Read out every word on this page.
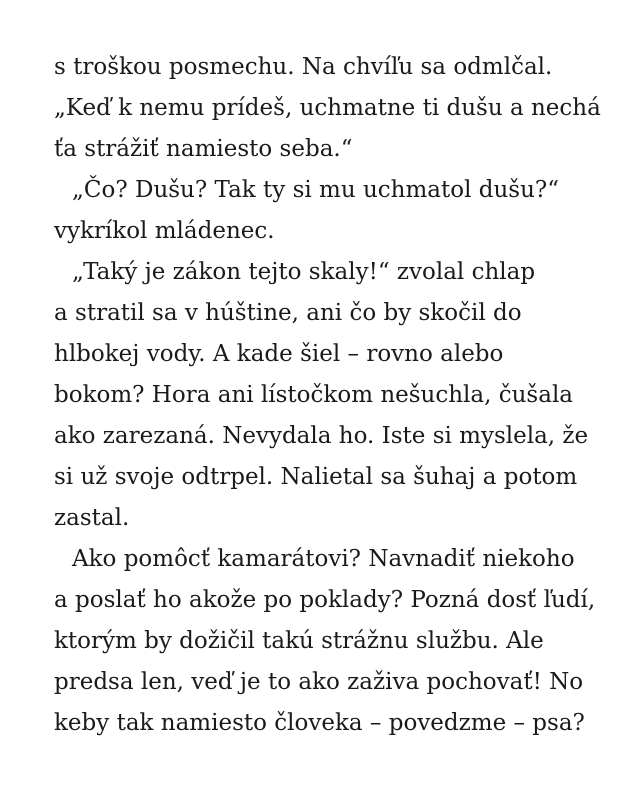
s troškou posmechu. Na chvíľu sa odmlčal.
„Keď k nemu prídeš, uchmatne ti dušu a nechá
ťa strážiť namiesto seba.“
„Čo? Dušu? Tak ty si mu uchmatol dušu?“
vykríkol mládenec.
„Taký je zákon tejto skaly!“ zvolal chlap
a stratil sa v húštine, ani čo by skočil do
hlbokej vody. A kade šiel – rovno alebo
bokom? Hora ani lístočkom nešuchla, čušala
ako zarezaná. Nevydala ho. Iste si myslela, že
si už svoje odtrpel. Nalietal sa šuhaj a potom
zastal.
Ako pomôcť kamarátovi? Navnadiť niekoho
a poslať ho akože po poklady? Pozná dosť ľudí,
ktorým by dožičil takú strážnu službu. Ale
predsa len, veď je to ako zaživa pochovať! No
keby tak namiesto človeka – povedzme – psa?
